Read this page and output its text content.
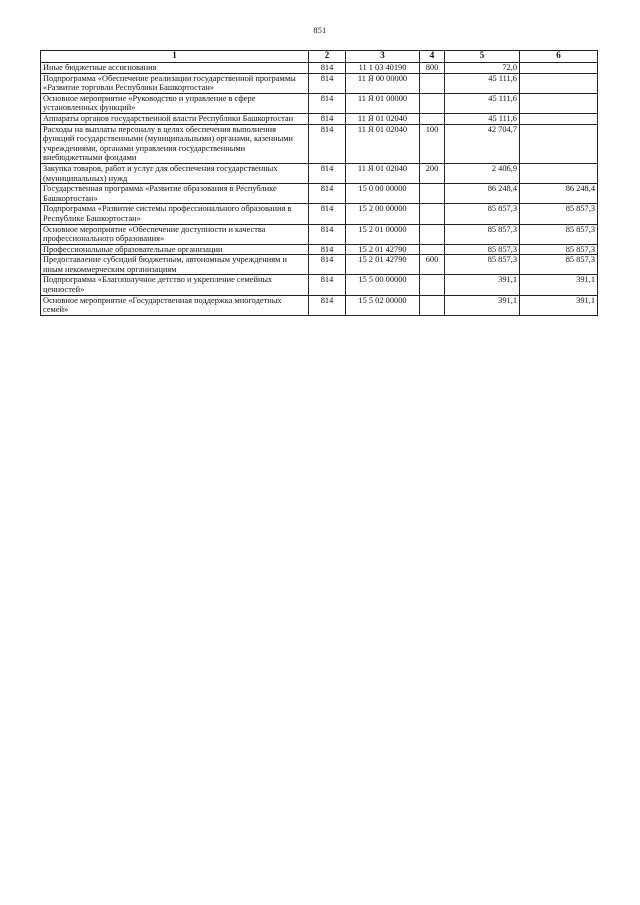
851
1	2	3	4	5	6
Иные бюджетные ассигнования	814	11 1 03 40190	800	72,0	
Подпрограмма «Обеспечение реализации государственной программы «Развитие торговли Республики Башкортостан»	814	11 Я 00 00000		45 111,6	
Основное мероприятие «Руководство и управление в сфере установленных функций»	814	11 Я 01 00000		45 111,6	
Аппараты органов государственной власти Республики Башкортостан	814	11 Я 01 02040		45 111,6	
Расходы на выплаты персоналу в целях обеспечения выполнения функций государственными (муниципальными) органами, казенными учреждениями, органами управления государственными внебюджетными фондами	814	11 Я 01 02040	100	42 704,7	
Закупка товаров, работ и услуг для обеспечения государственных (муниципальных) нужд	814	11 Я 01 02040	200	2 406,9	
Государственная программа «Развитие образования в Республике Башкортостан»	814	15 0 00 00000		86 248,4	86 248,4
Подпрограмма «Развитие системы профессионального образования в Республике Башкортостан»	814	15 2 00 00000		85 857,3	85 857,3
Основное мероприятие «Обеспечение доступности и качества профессионального образования»	814	15 2 01 00000		85 857,3	85 857,3
Профессиональные образовательные организации	814	15 2 01 42790		85 857,3	85 857,3
Предоставление субсидий бюджетным, автономным учреждениям и иным некоммерческим организациям	814	15 2 01 42790	600	85 857,3	85 857,3
Подпрограмма «Благополучное детство и укрепление семейных ценностей»	814	15 5 00 00000		391,1	391,1
Основное мероприятие «Государственная поддержка многодетных семей»	814	15 5 02 00000		391,1	391,1
